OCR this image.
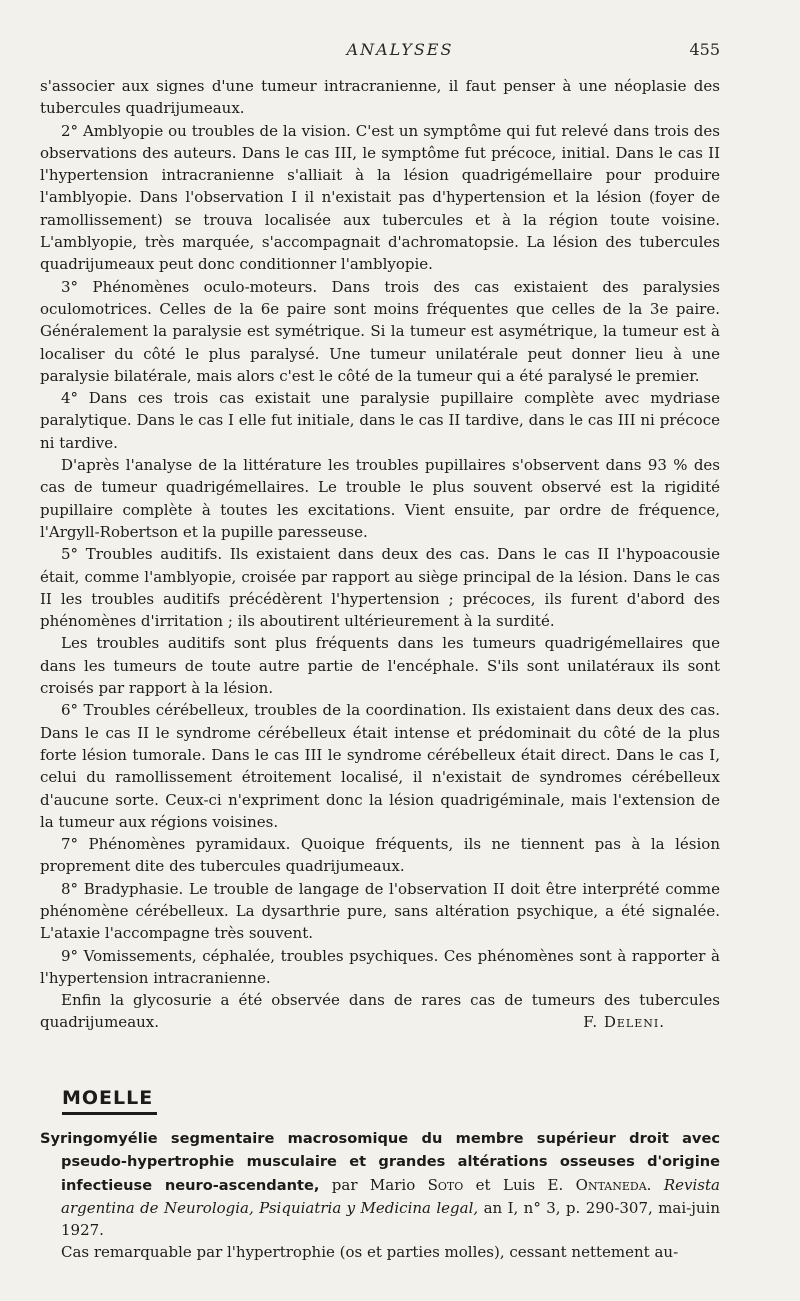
ANALYSES	455

s'associer aux signes d'une tumeur intracranienne, il faut penser à une néoplasie des tubercules quadrijumeaux.

2° Amblyopie ou troubles de la vision. C'est un symptôme qui fut relevé dans trois des observations des auteurs. Dans le cas III, le symptôme fut précoce, initial. Dans le cas II l'hypertension intracranienne s'alliait à la lésion quadrigémellaire pour produire l'amblyopie. Dans l'observation I il n'existait pas d'hypertension et la lésion (foyer de ramollissement) se trouva localisée aux tubercules et à la région toute voisine. L'amblyopie, très marquée, s'accompagnait d'achromatopsie. La lésion des tubercules quadrijumeaux peut donc conditionner l'amblyopie.

3° Phénomènes oculo-moteurs. Dans trois des cas existaient des paralysies oculomotrices. Celles de la 6e paire sont moins fréquentes que celles de la 3e paire. Généralement la paralysie est symétrique. Si la tumeur est asymétrique, la tumeur est à localiser du côté le plus paralysé. Une tumeur unilatérale peut donner lieu à une paralysie bilatérale, mais alors c'est le côté de la tumeur qui a été paralysé le premier.

4° Dans ces trois cas existait une paralysie pupillaire complète avec mydriase paralytique. Dans le cas I elle fut initiale, dans le cas II tardive, dans le cas III ni précoce ni tardive.

D'après l'analyse de la littérature les troubles pupillaires s'observent dans 93 % des cas de tumeur quadrigémellaires. Le trouble le plus souvent observé est la rigidité pupillaire complète à toutes les excitations. Vient ensuite, par ordre de fréquence, l'Argyll-Robertson et la pupille paresseuse.

5° Troubles auditifs. Ils existaient dans deux des cas. Dans le cas II l'hypoacousie était, comme l'amblyopie, croisée par rapport au siège principal de la lésion. Dans le cas II les troubles auditifs précédèrent l'hypertension ; précoces, ils furent d'abord des phénomènes d'irritation ; ils aboutirent ultérieurement à la surdité.

Les troubles auditifs sont plus fréquents dans les tumeurs quadrigémellaires que dans les tumeurs de toute autre partie de l'encéphale. S'ils sont unilatéraux ils sont croisés par rapport à la lésion.

6° Troubles cérébelleux, troubles de la coordination. Ils existaient dans deux des cas. Dans le cas II le syndrome cérébelleux était intense et prédominait du côté de la plus forte lésion tumorale. Dans le cas III le syndrome cérébelleux était direct. Dans le cas I, celui du ramollissement étroitement localisé, il n'existait de syndromes cérébelleux d'aucune sorte. Ceux-ci n'expriment donc la lésion quadrigéminale, mais l'extension de la tumeur aux régions voisines.

7° Phénomènes pyramidaux. Quoique fréquents, ils ne tiennent pas à la lésion proprement dite des tubercules quadrijumeaux.

8° Bradyphasie. Le trouble de langage de l'observation II doit être interprété comme phénomène cérébelleux. La dysarthrie pure, sans altération psychique, a été signalée. L'ataxie l'accompagne très souvent.

9° Vomissements, céphalée, troubles psychiques. Ces phénomènes sont à rapporter à l'hypertension intracranienne.

Enfin la glycosurie a été observée dans de rares cas de tumeurs des tubercules quadrijumeaux.	F. Deleni.

MOELLE

Syringomyélie segmentaire macrosomique du membre supérieur droit avec pseudo-hypertrophie musculaire et grandes altérations osseuses d'origine infectieuse neuro-ascendante, par Mario Soto et Luis E. Ontaneda. Revista argentina de Neurologia, Psiquiatria y Medicina legal, an I, n° 3, p. 290-307, mai-juin 1927.

Cas remarquable par l'hypertrophie (os et parties molles), cessant nettement au-
